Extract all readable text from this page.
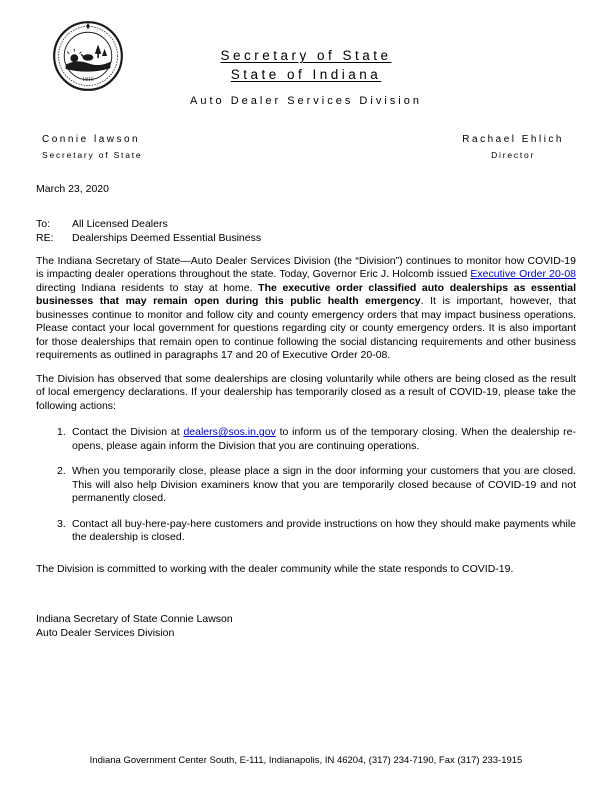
1816
Secretary of State
State of Indiana
Auto Dealer Services Division
Connie lawson
Secretary of State
Rachael Ehlich
Director
March 23, 2020
To:	All Licensed Dealers
RE:	Dealerships Deemed Essential Business

The Indiana Secretary of State—Auto Dealer Services Division (the “Division”) continues to monitor how COVID-19 is impacting dealer operations throughout the state. Today, Governor Eric J. Holcomb issued Executive Order 20-08 directing Indiana residents to stay at home. The executive order classified auto dealerships as essential businesses that may remain open during this public health emergency. It is important, however, that businesses continue to monitor and follow city and county emergency orders that may impact business operations. Please contact your local government for questions regarding city or county emergency orders. It is also important for those dealerships that remain open to continue following the social distancing requirements and other business requirements as outlined in paragraphs 17 and 20 of Executive Order 20-08.

The Division has observed that some dealerships are closing voluntarily while others are being closed as the result of local emergency declarations. If your dealership has temporarily closed as a result of COVID-19, please take the following actions:

1. Contact the Division at dealers@sos.in.gov to inform us of the temporary closing. When the dealership re-opens, please again inform the Division that you are continuing operations.
2. When you temporarily close, please place a sign in the door informing your customers that you are closed. This will also help Division examiners know that you are temporarily closed because of COVID-19 and not permanently closed.
3. Contact all buy-here-pay-here customers and provide instructions on how they should make payments while the dealership is closed.

The Division is committed to working with the dealer community while the state responds to COVID-19.

Indiana Secretary of State Connie Lawson
Auto Dealer Services Division
Indiana Government Center South, E-111, Indianapolis, IN 46204, (317) 234-7190, Fax (317) 233-1915
